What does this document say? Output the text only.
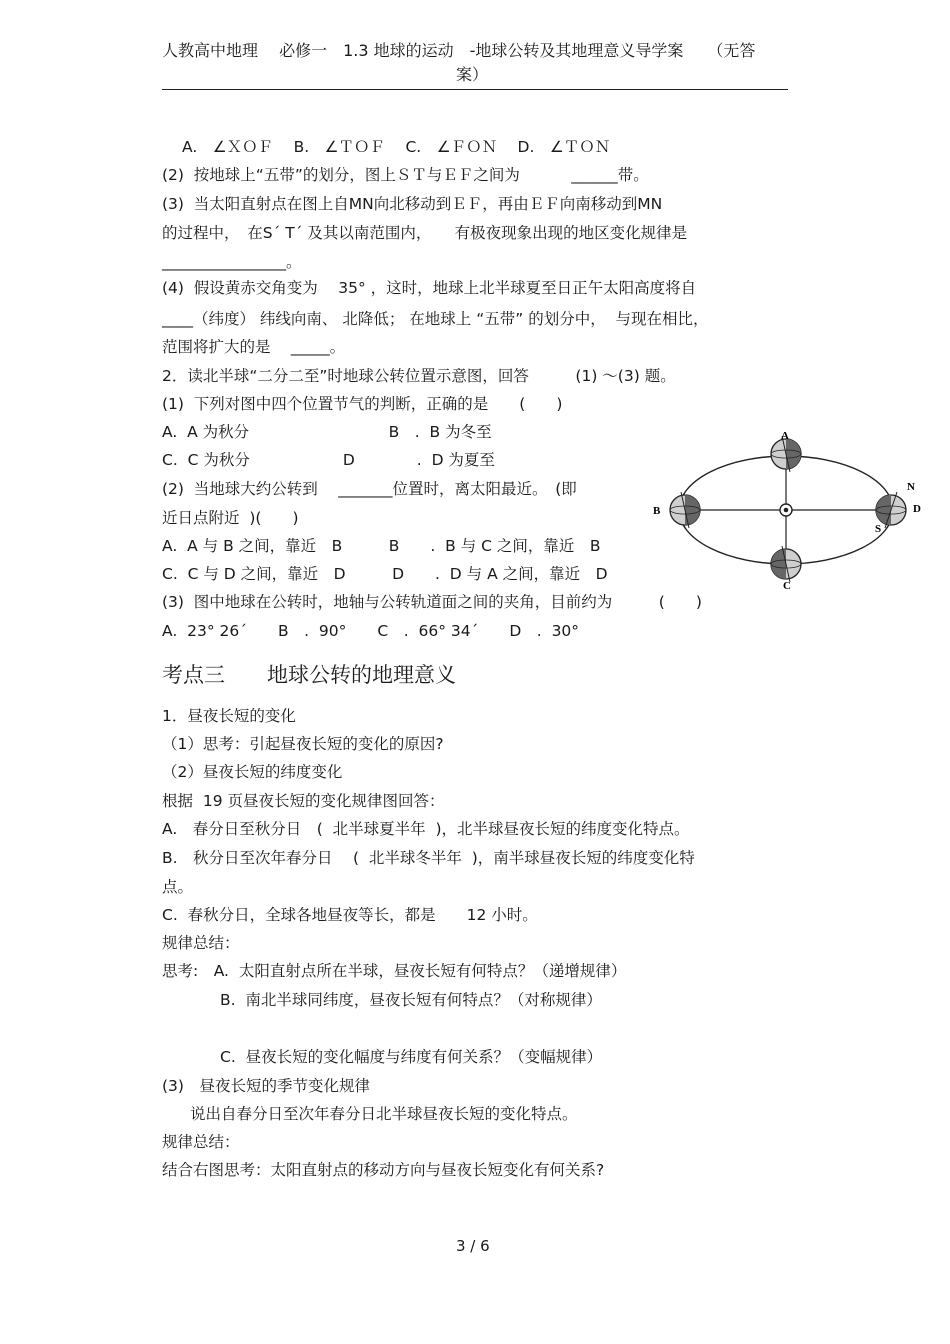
人教高中地理　 必修一　1.3 地球的运动　-地球公转及其地理意义导学案　　（无答
案）
A.　∠ＸＯＦ　 B.　∠ＴＯＦ　 C.　∠ＦＯＮ　 D.　∠ＴＯＮ
(2)  按地球上“五带”的划分，图上ＳＴ与ＥＦ之间为　　　 ______带。
(3)  当太阳直射点在图上自MN向北移动到ＥＦ，再由ＥＦ向南移动到MN
的过程中，　在Sˊ Tˊ 及其以南范围内，　　有极夜现象出现的地区变化规律是
________________。
(4)  假设黄赤交角变为　 35° ，这时，地球上北半球夏至日正午太阳高度将自
____（纬度） 纬线向南、 北降低； 在地球上 “五带” 的划分中，  与现在相比，
范围将扩大的是　 _____。
2．读北半球“二分二至”时地球公转位置示意图，回答　　　(1) ～(3) 题。
(1)  下列对图中四个位置节气的判断，正确的是　　(　　)
A.  A 为秋分　　　　　　　　　B　.  B 为冬至
C.  C 为秋分　　　　　　D　　　　.  D 为夏至
(2)  当地球大约公转到　 _______位置时，离太阳最近。　(即
近日点附近  )(　　)
A.  A 与 B 之间，靠近　B　　　B　　.  B 与 C 之间，靠近　B
C.  C 与 D 之间，靠近　D　　　D　　.  D 与 A 之间，靠近　D
(3)  图中地球在公转时，地轴与公转轨道面之间的夹角，目前约为　　　(　　)
A.  23° 26ˊ　　B　.  90°　　C　.  66° 34ˊ　　D　.  30°
考点三　　地球公转的地理意义
1．昼夜长短的变化
（1）思考：引起昼夜长短的变化的原因?
（2）昼夜长短的纬度变化
根据  19 页昼夜长短的变化规律图回答：
A.　春分日至秋分日　(  北半球夏半年  )，北半球昼夜长短的纬度变化特点。
B.　秋分日至次年春分日　 (  北半球冬半年  )，南半球昼夜长短的纬度变化特
点。
C.  春秋分日，全球各地昼夜等长，都是　　12 小时。
规律总结：
思考:　A.  太阳直射点所在半球，昼夜长短有何特点？（递增规律）
B.  南北半球同纬度，昼夜长短有何特点？（对称规律）
C.  昼夜长短的变化幅度与纬度有何关系？（变幅规律）
(3)　昼夜长短的季节变化规律
说出自春分日至次年春分日北半球昼夜长短的变化特点。
规律总结：
结合右图思考：太阳直射点的移动方向与昼夜长短变化有何关系?

A
B
C
D
N
S

3 / 6
